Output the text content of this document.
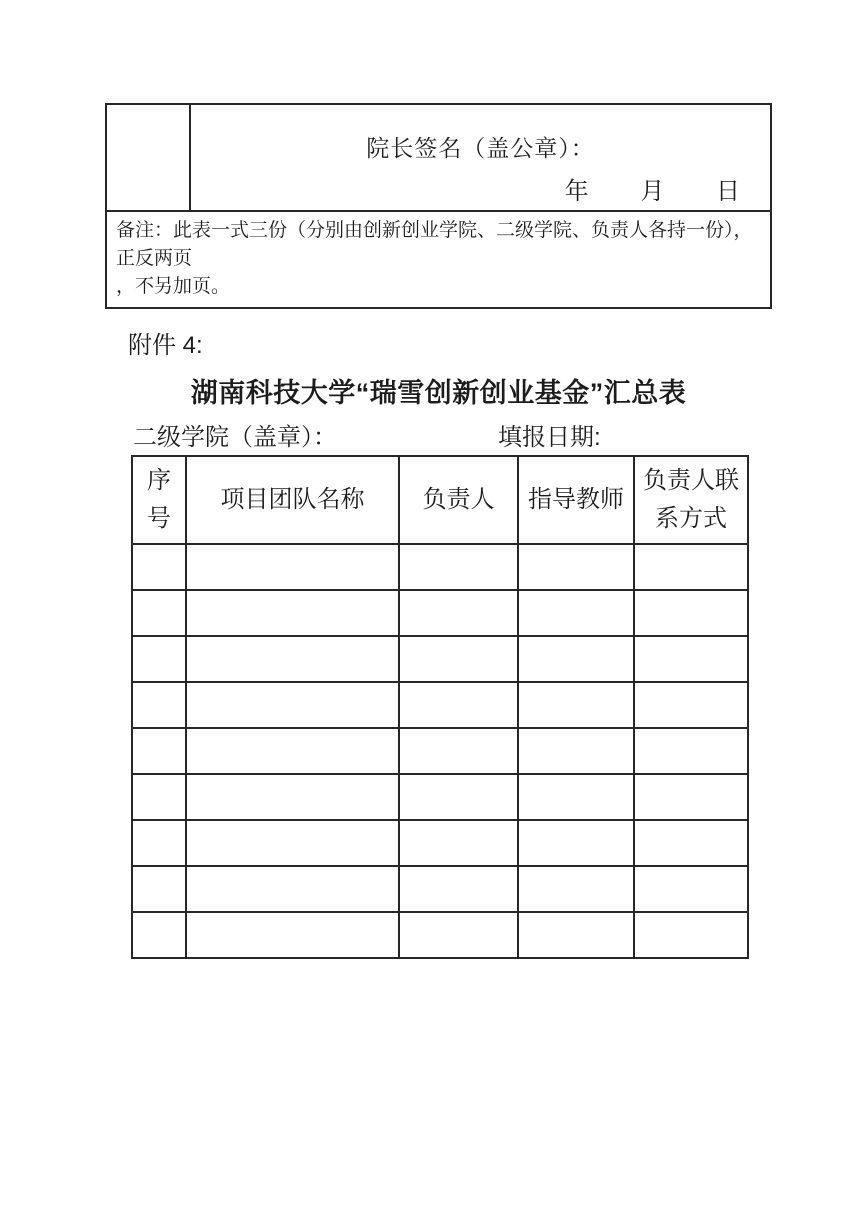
院长签名（盖公章）：
年 月 日
备注：此表一式三份（分别由创新创业学院、二级学院、负责人各持一份），正反两页
，不另加页。
附件 4:
湖南科技大学“瑞雪创新创业基金”汇总表
二级学院（盖章）：	填报日期:
序号	项目团队名称	负责人	指导教师	负责人联系方式
